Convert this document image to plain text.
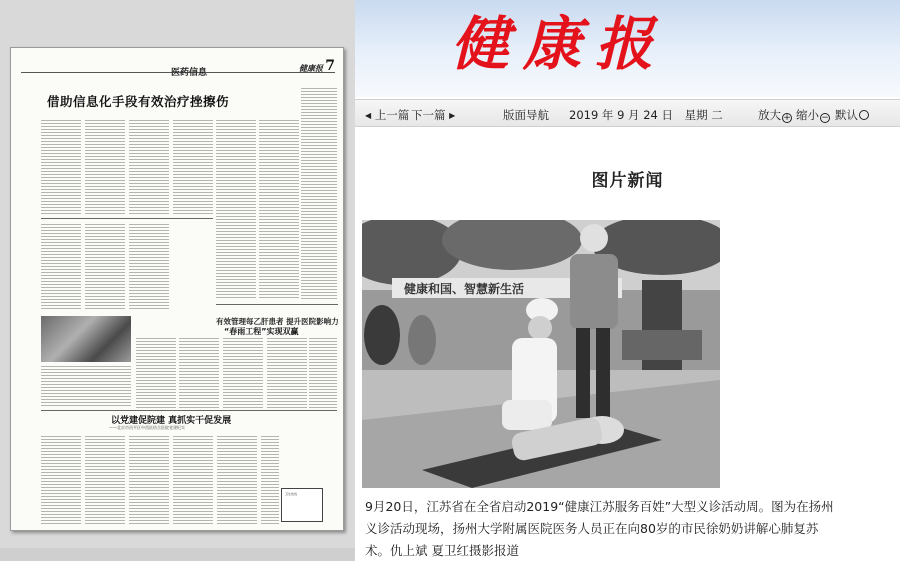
医药信息	健康报 7
借助信息化手段有效治疗挫擦伤
有效管理每乙肝患者 提升医院影响力
“春雨工程”实现双赢
以党建促院建 真抓实干促发展
——北京市昌平区中西医结合医院党建纪实
卫生热线
健康报
◀ 上一篇 下一篇 ▶	版面导航 2019 年 9 月 24 日 星期 二	放大 + 缩小 − 默认
图片新闻
健康和国、智慧新生活
9月20日，江苏省在全省启动2019“健康江苏服务百姓”大型义诊活动周。图为在扬州义诊活动现场，扬州大学附属医院医务人员正在向80岁的市民徐奶奶讲解心肺复苏术。仇上斌 夏卫红摄影报道
